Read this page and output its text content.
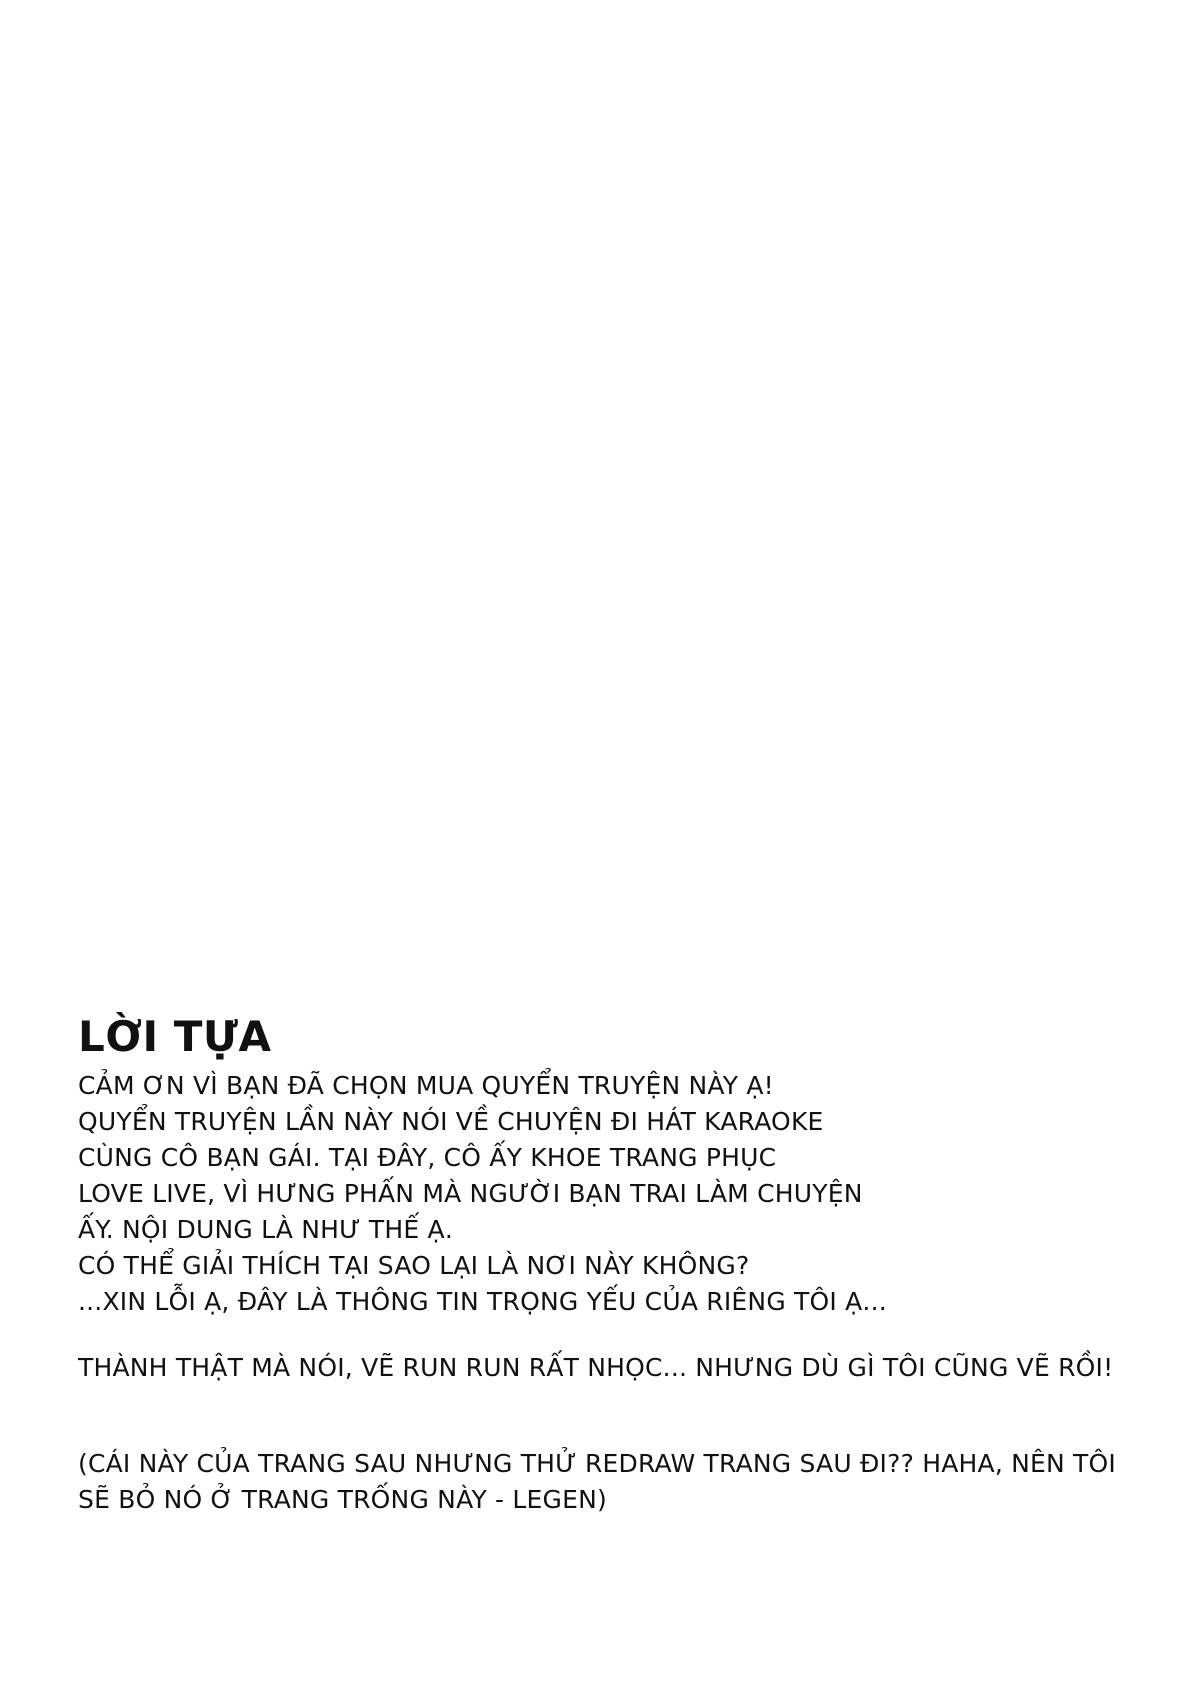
LỜI TỰA

CẢM ƠN VÌ BẠN ĐÃ CHỌN MUA QUYỂN TRUYỆN NÀY Ạ!

QUYỂN TRUYỆN LẦN NÀY NÓI VỀ CHUYỆN ĐI HÁT KARAOKE

CÙNG CÔ BẠN GÁI. TẠI ĐÂY, CÔ ẤY KHOE TRANG PHỤC

LOVE LIVE, VÌ HƯNG PHẤN MÀ NGƯỜI BẠN TRAI LÀM CHUYỆN

ẤY. NỘI DUNG LÀ NHƯ THẾ Ạ.

CÓ THỂ GIẢI THÍCH TẠI SAO LẠI LÀ NƠI NÀY KHÔNG?

...XIN LỖI Ạ, ĐÂY LÀ THÔNG TIN TRỌNG YẾU CỦA RIÊNG TÔI Ạ...

THÀNH THẬT MÀ NÓI, VẼ RUN RUN RẤT NHỌC... NHƯNG DÙ GÌ TÔI CŨNG VẼ RỒI!

(CÁI NÀY CỦA TRANG SAU NHƯNG THỬ REDRAW TRANG SAU ĐI?? HAHA, NÊN TÔI

SẼ BỎ NÓ Ở TRANG TRỐNG NÀY - LEGEN)
